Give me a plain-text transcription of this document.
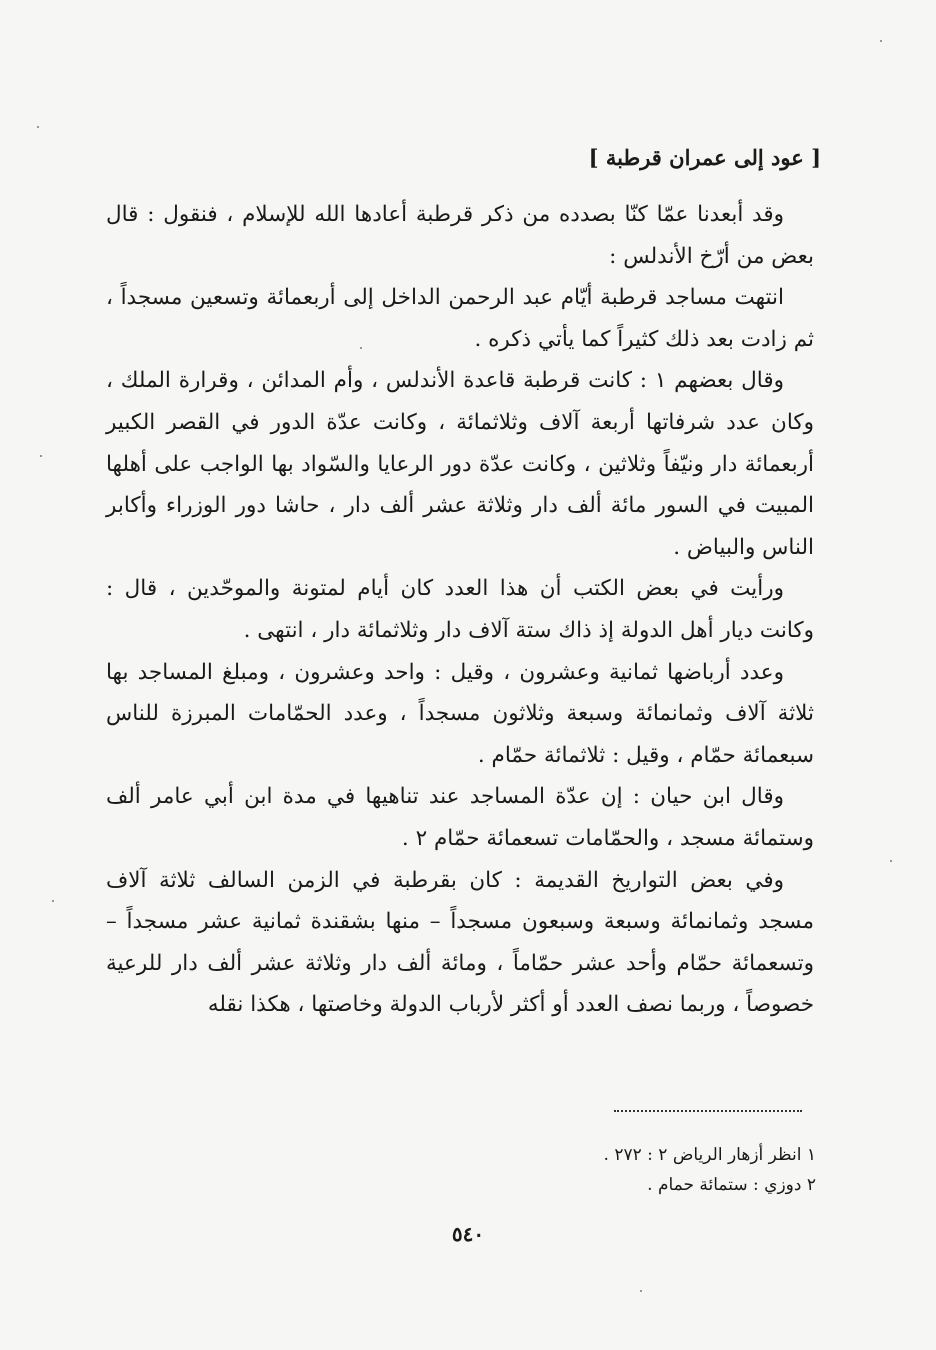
[ عود إلى عمران قرطبة ]

وقد أبعدنا عمّا كنّا بصدده من ذكر قرطبة أعادها الله للإسلام ، فنقول : قال بعض من أرّخ الأندلس :

انتهت مساجد قرطبة أيّام عبد الرحمن الداخل إلى أربعمائة وتسعين مسجداً ، ثم زادت بعد ذلك كثيراً كما يأتي ذكره .

وقال بعضهم ١ : كانت قرطبة قاعدة الأندلس ، وأم المدائن ، وقرارة الملك ، وكان عدد شرفاتها أربعة آلاف وثلاثمائة ، وكانت عدّة الدور في القصر الكبير أربعمائة دار ونيّفاً وثلاثين ، وكانت عدّة دور الرعايا والسّواد بها الواجب على أهلها المبيت في السور مائة ألف دار وثلاثة عشر ألف دار ، حاشا دور الوزراء وأكابر الناس والبياض .

ورأيت في بعض الكتب أن هذا العدد كان أيام لمتونة والموحّدين ، قال : وكانت ديار أهل الدولة إذ ذاك ستة آلاف دار وثلاثمائة دار ، انتهى .

وعدد أرباضها ثمانية وعشرون ، وقيل : واحد وعشرون ، ومبلغ المساجد بها ثلاثة آلاف وثمانمائة وسبعة وثلاثون مسجداً ، وعدد الحمّامات المبرزة للناس سبعمائة حمّام ، وقيل : ثلاثمائة حمّام .

وقال ابن حيان : إن عدّة المساجد عند تناهيها في مدة ابن أبي عامر ألف وستمائة مسجد ، والحمّامات تسعمائة حمّام ٢ .

وفي بعض التواريخ القديمة : كان بقرطبة في الزمن السالف ثلاثة آلاف مسجد وثمانمائة وسبعة وسبعون مسجداً – منها بشقندة ثمانية عشر مسجداً – وتسعمائة حمّام وأحد عشر حمّاماً ، ومائة ألف دار وثلاثة عشر ألف دار للرعية خصوصاً ، وربما نصف العدد أو أكثر لأرباب الدولة وخاصتها ، هكذا نقله

١ انظر أزهار الرياض ٢ : ٢٧٢ .

٢ دوزي : ستمائة حمام .

٥٤٠
